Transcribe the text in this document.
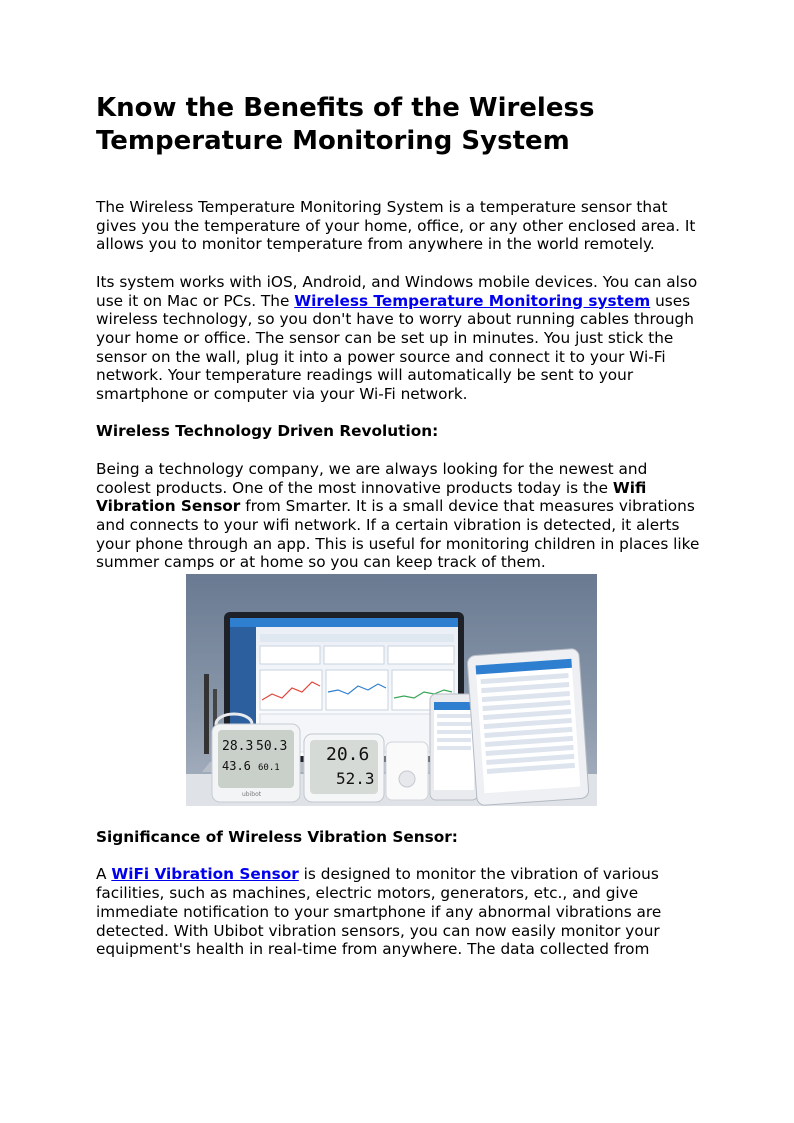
Know the Benefits of the Wireless Temperature Monitoring System

The Wireless Temperature Monitoring System is a temperature sensor that gives you the temperature of your home, office, or any other enclosed area. It allows you to monitor temperature from anywhere in the world remotely.

Its system works with iOS, Android, and Windows mobile devices. You can also use it on Mac or PCs. The Wireless Temperature Monitoring system uses wireless technology, so you don't have to worry about running cables through your home or office. The sensor can be set up in minutes. You just stick the sensor on the wall, plug it into a power source and connect it to your Wi-Fi network. Your temperature readings will automatically be sent to your smartphone or computer via your Wi-Fi network.

Wireless Technology Driven Revolution:

Being a technology company, we are always looking for the newest and coolest products. One of the most innovative products today is the Wifi Vibration Sensor from Smarter. It is a small device that measures vibrations and connects to your wifi network. If a certain vibration is detected, it alerts your phone through an app. This is useful for monitoring children in places like summer camps or at home so you can keep track of them.

28.3 50.3
43.6 60.1
ubibot
20.6
52.3
Significance of Wireless Vibration Sensor:

A WiFi Vibration Sensor is designed to monitor the vibration of various facilities, such as machines, electric motors, generators, etc., and give immediate notification to your smartphone if any abnormal vibrations are detected. With Ubibot vibration sensors, you can now easily monitor your equipment's health in real-time from anywhere. The data collected from
